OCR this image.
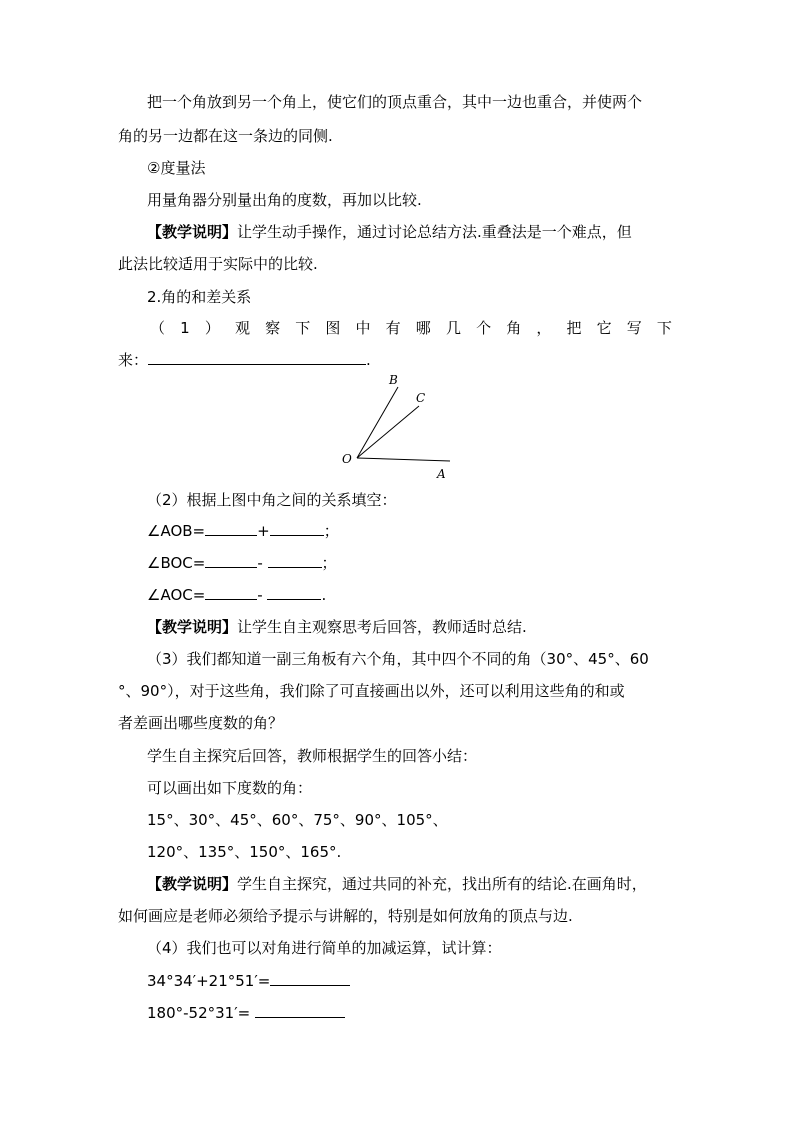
把一个角放到另一个角上，使它们的顶点重合，其中一边也重合，并使两个
角的另一边都在这一条边的同侧.
②度量法
用量角器分别量出角的度数，再加以比较.
【教学说明】让学生动手操作，通过讨论总结方法.重叠法是一个难点，但
此法比较适用于实际中的比较.
2.角的和差关系
（ 1 ） 观 察 下 图 中 有 哪 几 个 角 ， 把 它 写 下
来：	.
O
A
B
C
（2）根据上图中角之间的关系填空：
∠AOB=	+	；
∠BOC=	-	；
∠AOC=	-	.
【教学说明】让学生自主观察思考后回答，教师适时总结.
（3）我们都知道一副三角板有六个角，其中四个不同的角（30°、45°、60
°、90°），对于这些角，我们除了可直接画出以外，还可以利用这些角的和或
者差画出哪些度数的角？
学生自主探究后回答，教师根据学生的回答小结：
可以画出如下度数的角：
15°、30°、45°、60°、75°、90°、105°、
120°、135°、150°、165°.
【教学说明】学生自主探究，通过共同的补充，找出所有的结论.在画角时，
如何画应是老师必须给予提示与讲解的，特别是如何放角的顶点与边.
（4）我们也可以对角进行简单的加减运算，试计算：
34°34′+21°51′=
180°-52°31′=
